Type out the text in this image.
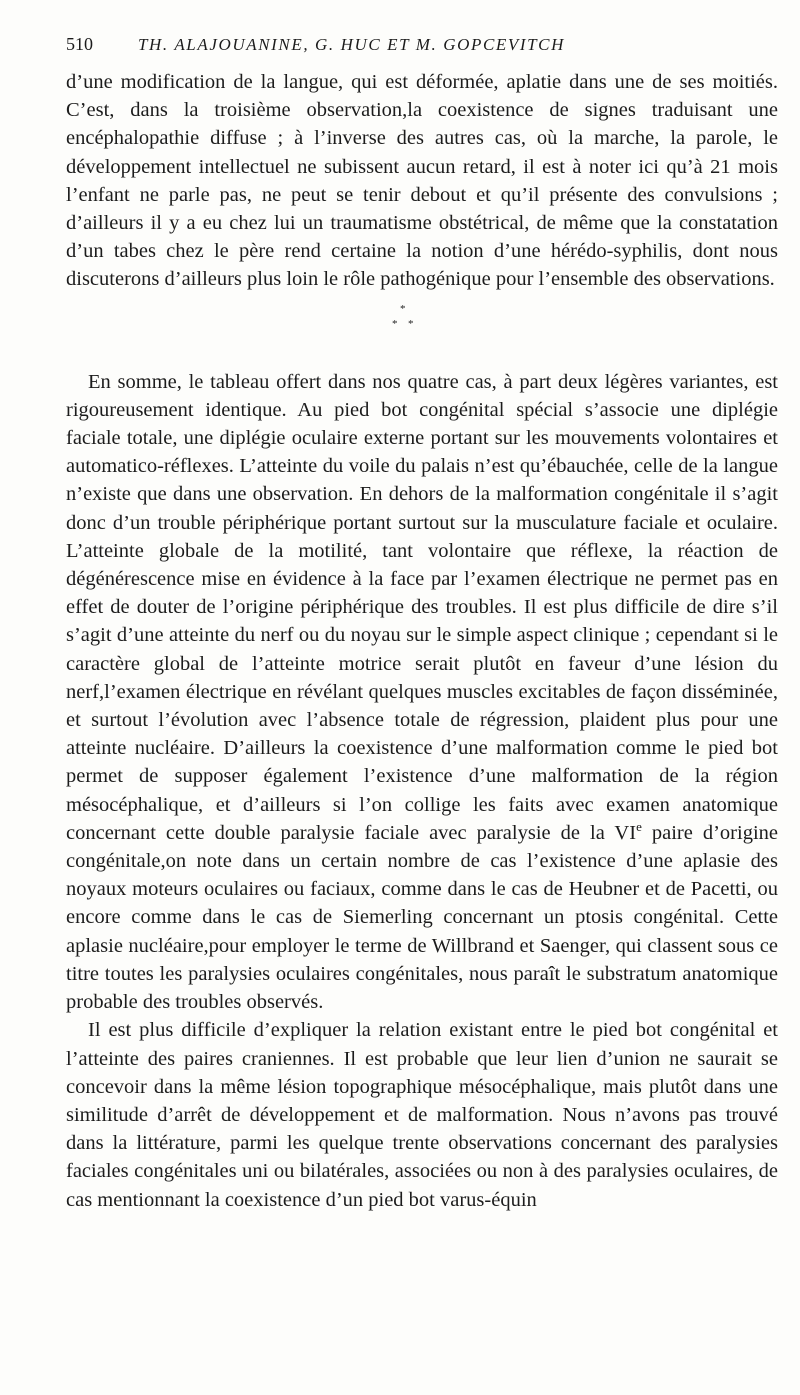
510	TH. ALAJOUANINE, G. HUC ET M. GOPCEVITCH

d’une modification de la langue, qui est déformée, aplatie dans une de ses moitiés. C’est, dans la troisième observation,la coexistence de signes traduisant une encéphalopathie diffuse ; à l’inverse des autres cas, où la marche, la parole, le développement intellectuel ne subissent aucun retard, il est à noter ici qu’à 21 mois l’enfant ne parle pas, ne peut se tenir debout et qu’il présente des convulsions ; d’ailleurs il y a eu chez lui un traumatisme obstétrical, de même que la constatation d’un tabes chez le père rend certaine la notion d’une hérédo-syphilis, dont nous discuterons d’ailleurs plus loin le rôle pathogénique pour l’ensemble des observations.

*
* *

En somme, le tableau offert dans nos quatre cas, à part deux légères variantes, est rigoureusement identique. Au pied bot congénital spécial s’associe une diplégie faciale totale, une diplégie oculaire externe portant sur les mouvements volontaires et automatico-réflexes. L’atteinte du voile du palais n’est qu’ébauchée, celle de la langue n’existe que dans une observation. En dehors de la malformation congénitale il s’agit donc d’un trouble périphérique portant surtout sur la musculature faciale et oculaire. L’atteinte globale de la motilité, tant volontaire que réflexe, la réaction de dégénérescence mise en évidence à la face par l’examen électrique ne permet pas en effet de douter de l’origine périphérique des troubles. Il est plus difficile de dire s’il s’agit d’une atteinte du nerf ou du noyau sur le simple aspect clinique ; cependant si le caractère global de l’atteinte motrice serait plutôt en faveur d’une lésion du nerf,l’examen électrique en révélant quelques muscles excitables de façon disséminée, et surtout l’évolution avec l’absence totale de régression, plaident plus pour une atteinte nucléaire. D’ailleurs la coexistence d’une malformation comme le pied bot permet de supposer également l’existence d’une malformation de la région mésocéphalique, et d’ailleurs si l’on collige les faits avec examen anatomique concernant cette double paralysie faciale avec paralysie de la VIe paire d’origine congénitale,on note dans un certain nombre de cas l’existence d’une aplasie des noyaux moteurs oculaires ou faciaux, comme dans le cas de Heubner et de Pacetti, ou encore comme dans le cas de Siemerling concernant un ptosis congénital. Cette aplasie nucléaire,pour employer le terme de Willbrand et Saenger, qui classent sous ce titre toutes les paralysies oculaires congénitales, nous paraît le substratum anatomique probable des troubles observés.

Il est plus difficile d’expliquer la relation existant entre le pied bot congénital et l’atteinte des paires craniennes. Il est probable que leur lien d’union ne saurait se concevoir dans la même lésion topographique mésocéphalique, mais plutôt dans une similitude d’arrêt de développement et de malformation. Nous n’avons pas trouvé dans la littérature, parmi les quelque trente observations concernant des paralysies faciales congénitales uni ou bilatérales, associées ou non à des paralysies oculaires, de cas mentionnant la coexistence d’un pied bot varus-équin
